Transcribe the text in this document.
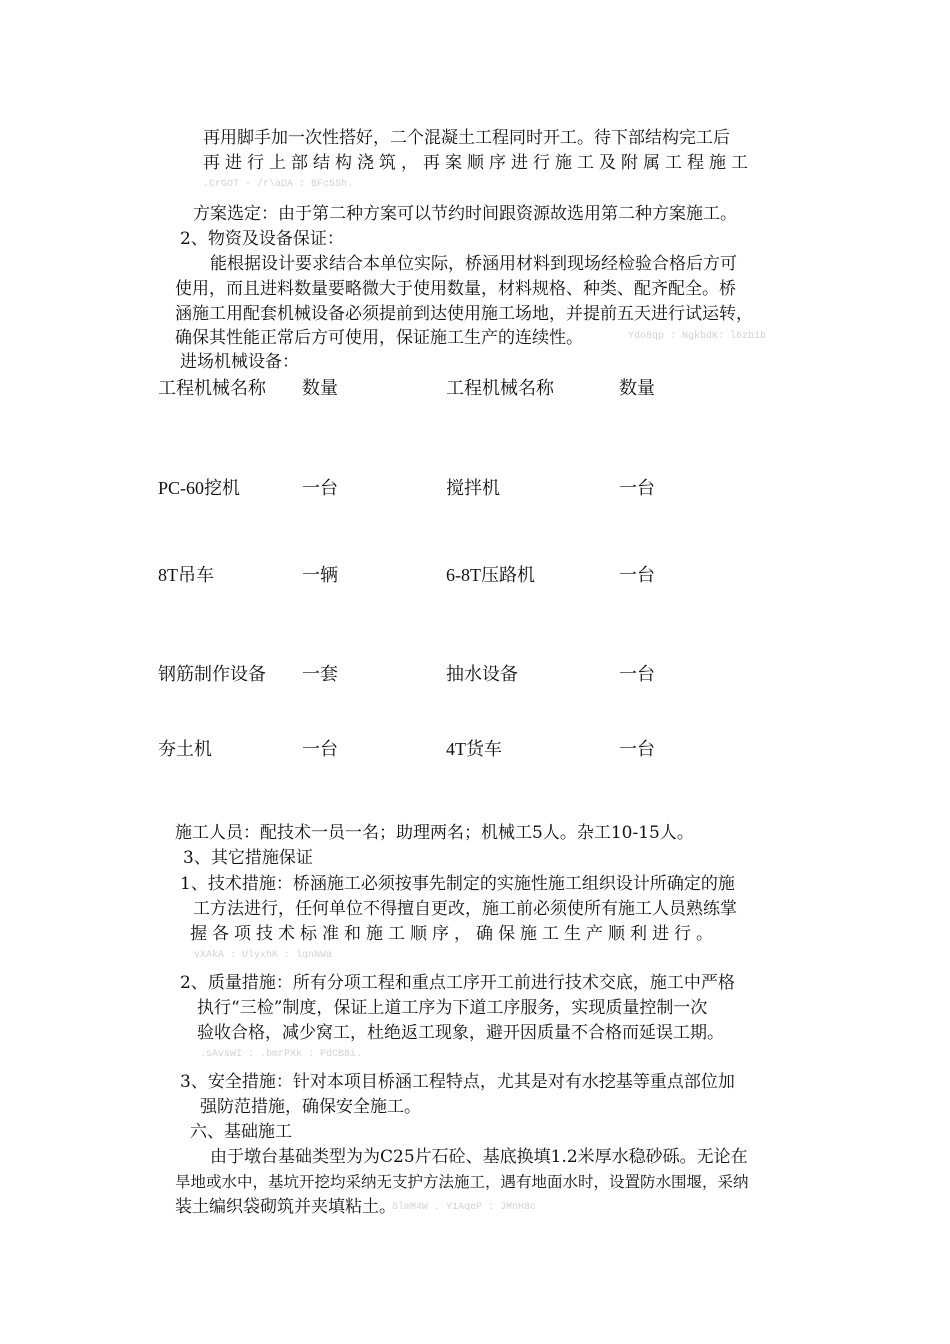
再用脚手加一次性搭好，二个混凝土工程同时开工。待下部结构完工后
再进行上部结构浇筑，再案顺序进行施工及附属工程施工
.CrGOT - /r\aDA : BFc5Sh.
方案选定：由于第二种方案可以节约时间跟资源故选用第二种方案施工。
2、物资及设备保证：
能根据设计要求结合本单位实际，桥涵用材料到现场经检验合格后方可
使用，而且进料数量要略微大于使用数量，材料规格、种类、配齐配全。桥
涵施工用配套机械设备必须提前到达使用施工场地，并提前五天进行试运转，
确保其性能正常后方可使用，保证施工生产的连续性。	Ydo8qp : NgkbdK: l6zb1b
进场机械设备：
工程机械名称 数量	工程机械名称	数量
PC-60挖机	一台	搅拌机	一台
8T吊车	一辆	6-8T压路机	一台
钢筋制作设备 一套	抽水设备	一台
夯土机	一台	4T货车	一台
施工人员：配技术一员一名；助理两名；机械工5人。杂工10-15人。
3、其它措施保证
1、技术措施：桥涵施工必须按事先制定的实施性施工组织设计所确定的施
工方法进行，任何单位不得擅自更改，施工前必须使所有施工人员熟练掌
握各项技术标准和施工顺序，确保施工生产顺利进行。
vXAkA : UlyxhK : lqnNWa
2、质量措施：所有分项工程和重点工序开工前进行技术交底，施工中严格
执行“三检”制度，保证上道工序为下道工序服务，实现质量控制一次
验收合格，减少窝工，杜绝返工现象，避开因质量不合格而延误工期。
.sAvsWI : .bmrPXk : PdCB8i.
3、安全措施：针对本项目桥涵工程特点，尤其是对有水挖基等重点部位加
强防范措施，确保安全施工。
六、基础施工
由于墩台基础类型为为C25片石砼、基底换填1.2米厚水稳砂砾。无论在
旱地或水中，基坑开挖均采纳无支护方法施工，遇有地面水时，设置防水围堰，采纳
装土编织袋砌筑并夹填粘土。
SlmM4W . Y1AqeP : JMnH8c
